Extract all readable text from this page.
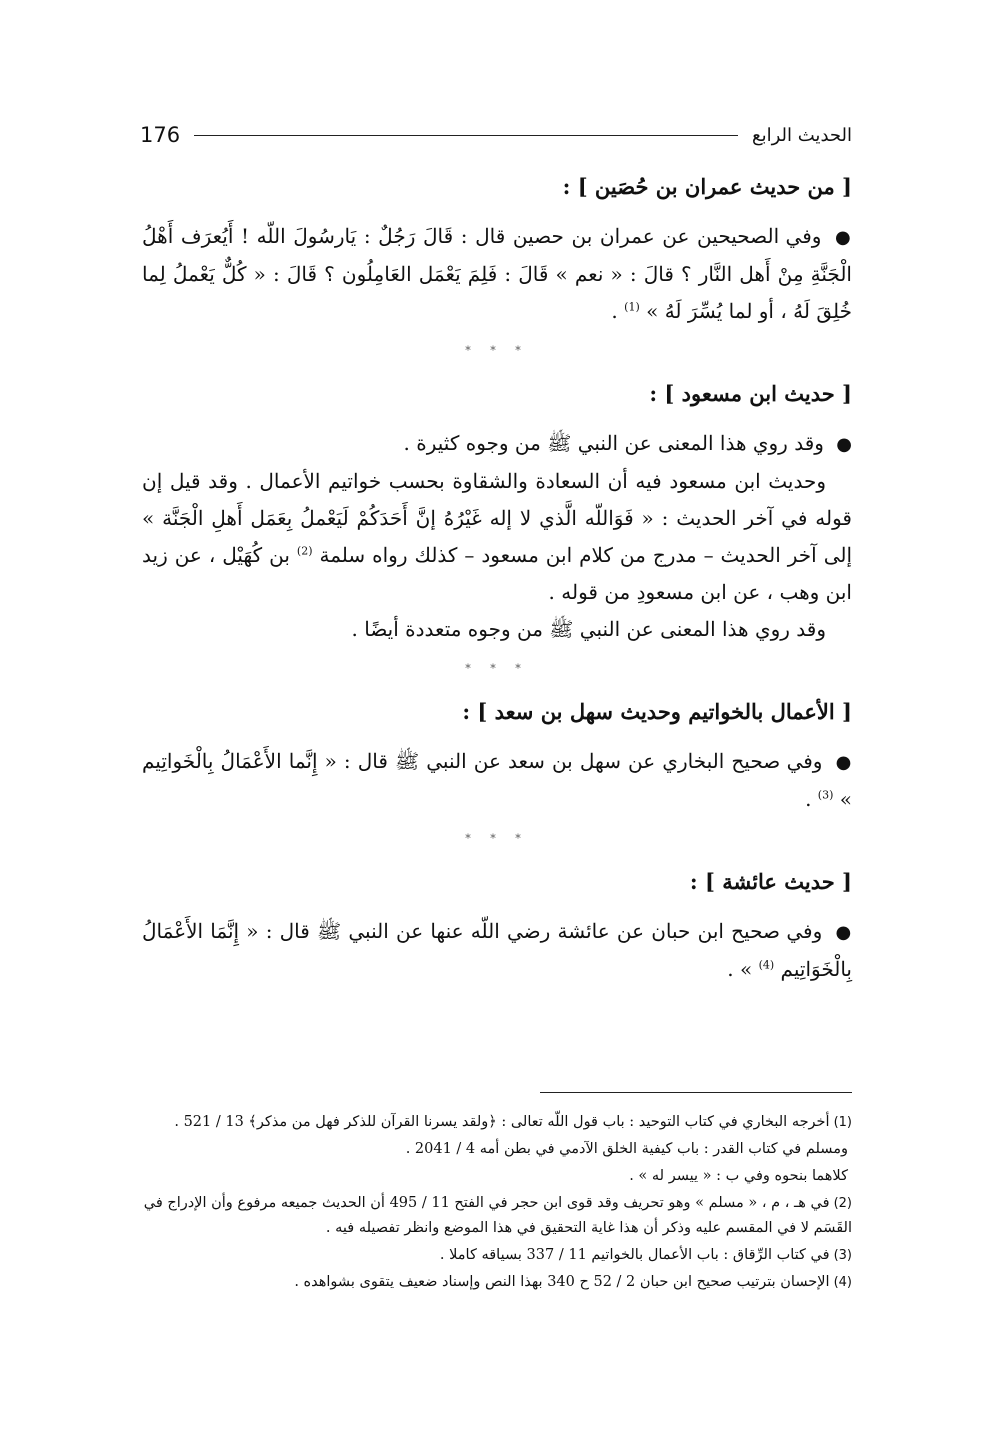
176	الحديث الرابع
[ من حديث عمران بن حُصَين ] :

● وفي الصحيحين عن عمران بن حصين قال : قَالَ رَجُلٌ : يَارسُولَ اللّه ! أَيُعرَف أَهْلُ الْجَنَّةِ مِنْ أَهل النَّار ؟ قالَ : « نعم » قَالَ : فَلِمَ يَعْمَل العَامِلُون ؟ قَالَ : « كُلٌّ يَعْملُ لِما خُلِقَ لَهُ ، أو لما يُسِّرَ لَهُ » $^{(1)}$ .

* * *
[ حديث ابن مسعود ] :

● وقد روي هذا المعنى عن النبي ﷺ من وجوه كثيرة .

وحديث ابن مسعود فيه أن السعادة والشقاوة بحسب خواتيم الأعمال . وقد قيل إن قوله في آخر الحديث : « فَوَاللّه الَّذي لا إله غَيْرُهُ إنَّ أَحَدَكُمْ لَيَعْملُ بِعَمَل أَهلِ الْجَنَّة » إلى آخر الحديث – مدرج من كلام ابن مسعود – كذلك رواه سلمة $^{(2)}$ بن كُهَيْل ، عن زيد ابن وهب ، عن ابن مسعودِ من قوله .

وقد روي هذا المعنى عن النبي ﷺ من وجوه متعددة أيضًا .

* * *
[ الأعمال بالخواتيم وحديث سهل بن سعد ] :

● وفي صحيح البخاري عن سهل بن سعد عن النبي ﷺ قال : « إِنَّما الأَعْمَالُ بِالْخَواتِيم » $^{(3)}$ .

* * *
[ حديث عائشة ] :

● وفي صحيح ابن حبان عن عائشة رضي اللّه عنها عن النبي ﷺ قال : « إِنَّمَا الأَعْمَالُ بِالْخَوَاتِيم $^{(4)}$ » .

(1)أخرجه البخاري في كتاب التوحيد : باب قول اللّه تعالى : ﴿ولقد يسرنا القرآن للذكر فهل من مذكر﴾ 13 / 521 .

ومسلم في كتاب القدر : باب كيفية الخلق الآدمي في بطن أمه 4 / 2041 .

كلاهما بنحوه وفي ب : « ييسر له » .

(2)في هـ ، م ، « مسلم » وهو تحريف وقد قوى ابن حجر في الفتح 11 / 495 أن الحديث جميعه مرفوع وأن الإدراج في القَسَم لا في المقسم عليه وذكر أن هذا غاية التحقيق في هذا الموضع وانظر تفصيله فيه .

(3)في كتاب الرِّقاق : باب الأعمال بالخواتيم 11 / 337 بسياقه كاملا .

(4)الإحسان بترتيب صحيح ابن حبان 2 / 52 ح 340 بهذا النص وإسناد ضعيف يتقوى بشواهده .
